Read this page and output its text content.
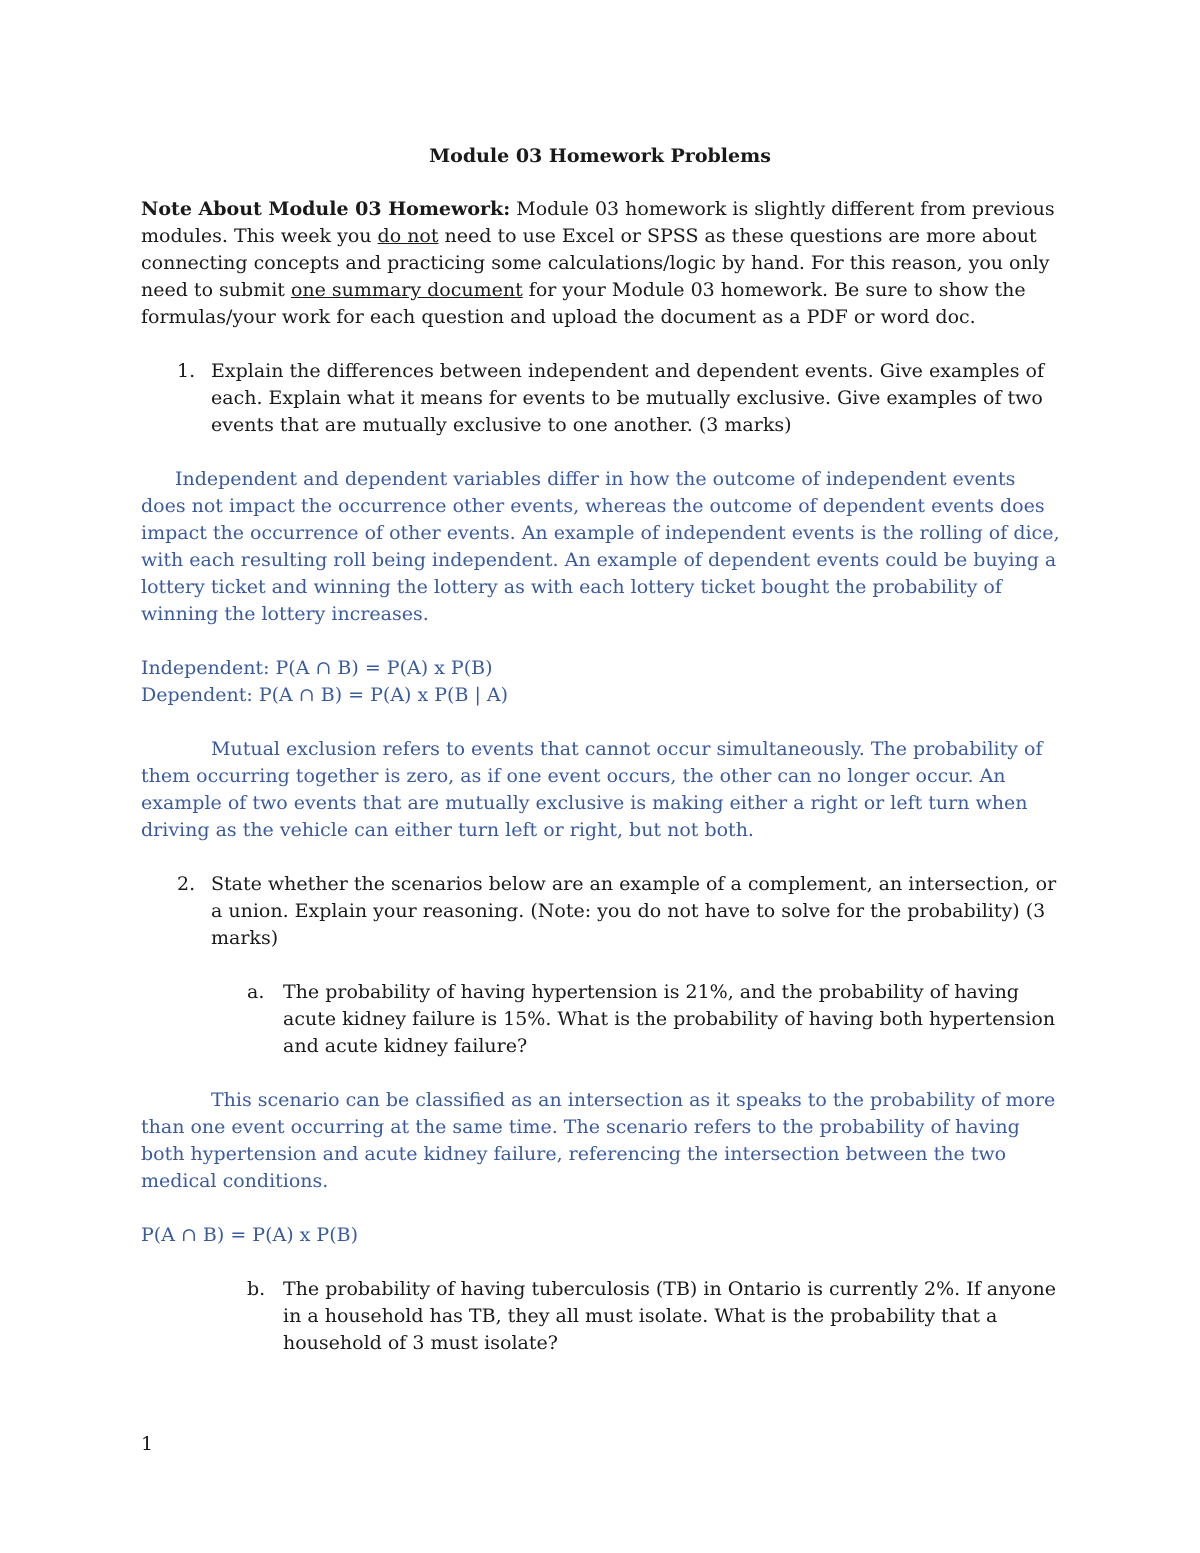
Module 03 Homework Problems

Note About Module 03 Homework: Module 03 homework is slightly different from previous modules. This week you do not need to use Excel or SPSS as these questions are more about connecting concepts and practicing some calculations/logic by hand. For this reason, you only need to submit one summary document for your Module 03 homework. Be sure to show the formulas/your work for each question and upload the document as a PDF or word doc.

1. Explain the differences between independent and dependent events. Give examples of each. Explain what it means for events to be mutually exclusive. Give examples of two events that are mutually exclusive to one another. (3 marks)

Independent and dependent variables differ in how the outcome of independent events does not impact the occurrence other events, whereas the outcome of dependent events does impact the occurrence of other events. An example of independent events is the rolling of dice, with each resulting roll being independent. An example of dependent events could be buying a lottery ticket and winning the lottery as with each lottery ticket bought the probability of winning the lottery increases.

Independent: P(A ∩ B) = P(A) x P(B)

Dependent: P(A ∩ B) = P(A) x P(B | A)

Mutual exclusion refers to events that cannot occur simultaneously. The probability of them occurring together is zero, as if one event occurs, the other can no longer occur. An example of two events that are mutually exclusive is making either a right or left turn when driving as the vehicle can either turn left or right, but not both.

2. State whether the scenarios below are an example of a complement, an intersection, or a union. Explain your reasoning. (Note: you do not have to solve for the probability) (3 marks)

a. The probability of having hypertension is 21%, and the probability of having acute kidney failure is 15%. What is the probability of having both hypertension and acute kidney failure?

This scenario can be classified as an intersection as it speaks to the probability of more than one event occurring at the same time. The scenario refers to the probability of having both hypertension and acute kidney failure, referencing the intersection between the two medical conditions.

P(A ∩ B) = P(A) x P(B)

b. The probability of having tuberculosis (TB) in Ontario is currently 2%. If anyone in a household has TB, they all must isolate. What is the probability that a household of 3 must isolate?

1
